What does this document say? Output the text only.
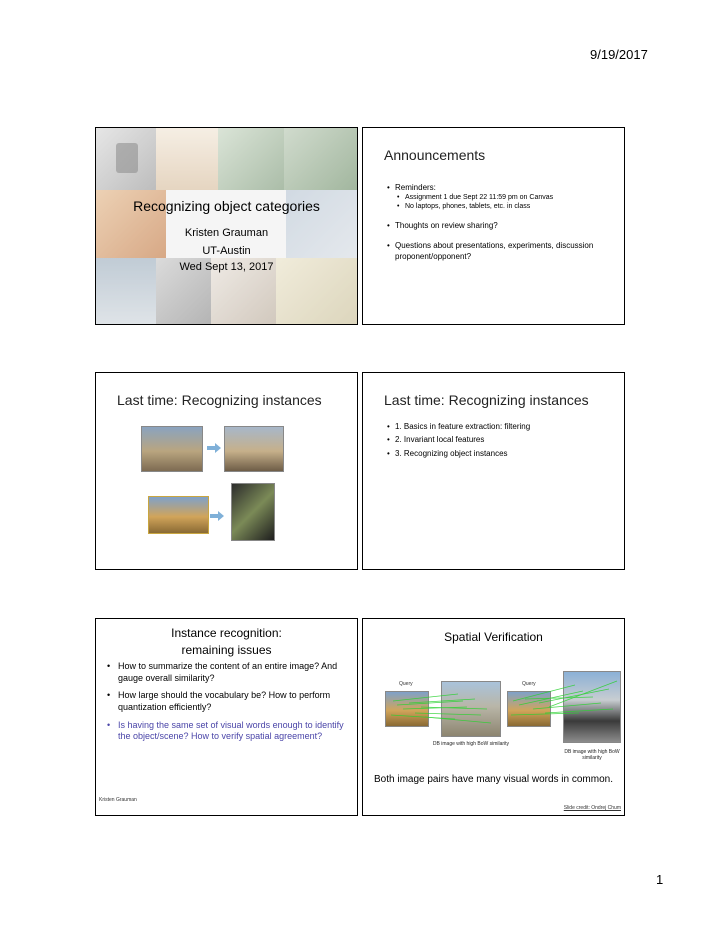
9/19/2017
Recognizing object categories
Kristen Grauman
UT-Austin
Wed Sept 13, 2017
Announcements
• Reminders:
• Assignment 1 due Sept 22 11:59 pm on Canvas
• No laptops, phones, tablets, etc. in class
• Thoughts on review sharing?
• Questions about presentations, experiments, discussion proponent/opponent?
Last time: Recognizing instances	Last time: Recognizing instances
• 1. Basics in feature extraction: filtering
• 2. Invariant local features
• 3. Recognizing object instances
Instance recognition:
remaining issues
• How to summarize the content of an entire image? And gauge overall similarity?
• How large should the vocabulary be? How to perform quantization efficiently?
• Is having the same set of visual words enough to identify the object/scene? How to verify spatial agreement?
Kristen Grauman
Spatial Verification
Query	Query
DB image with high BoW similarity
DB image with high BoW similarity
Both image pairs have many visual words in common.
Slide credit: Ondrej Chum
1
